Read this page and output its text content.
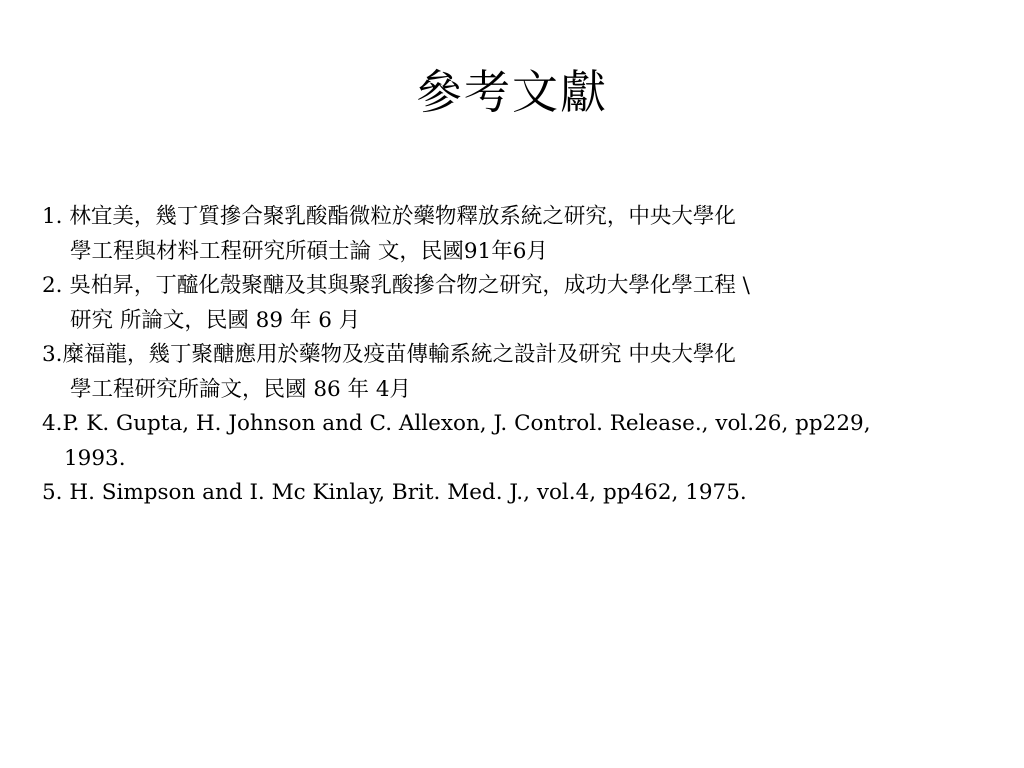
參考文獻
1. 林宜美，幾丁質摻合聚乳酸酯微粒於藥物釋放系統之研究，中央大學化
學工程與材料工程研究所碩士論 文，民國91年6月
2. 吳柏昇，丁醯化殼聚醣及其與聚乳酸摻合物之研究，成功大學化學工程 \
研究 所論文，民國 89 年 6 月
3.糜福龍，幾丁聚醣應用於藥物及疫苗傳輸系統之設計及研究 中央大學化
學工程研究所論文，民國 86 年 4月
4.P. K. Gupta, H. Johnson and C. Allexon, J. Control. Release., vol.26, pp229,
1993.
5. H. Simpson and I. Mc Kinlay, Brit. Med. J., vol.4, pp462, 1975.
